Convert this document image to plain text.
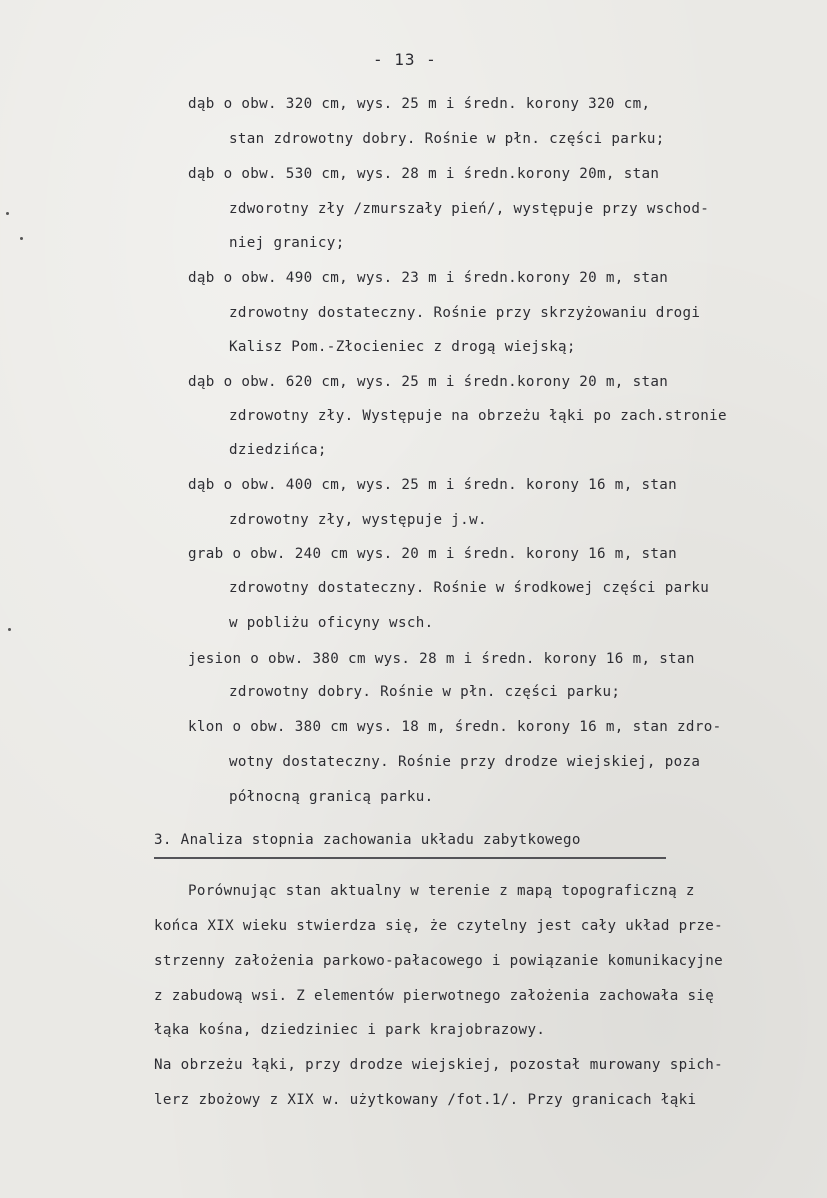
- 13 -
dąb o obw. 320 cm, wys. 25 m i średn. korony 320 cm,
stan zdrowotny dobry. Rośnie w płn. części parku;
dąb o obw. 530 cm, wys. 28 m i średn.korony 20m, stan
zdworotny zły /zmurszały pień/, występuje przy wschod-
niej granicy;
dąb o obw. 490 cm, wys. 23 m i średn.korony 20 m, stan
zdrowotny dostateczny. Rośnie przy skrzyżowaniu drogi
Kalisz Pom.-Złocieniec z drogą wiejską;
dąb o obw. 620 cm, wys. 25 m i średn.korony 20 m, stan
zdrowotny zły. Występuje na obrzeżu łąki po zach.stronie
dziedzińca;
dąb o obw. 400 cm, wys. 25 m i średn. korony 16 m, stan
zdrowotny zły, występuje j.w.
grab o obw. 240 cm wys. 20 m i średn. korony 16 m, stan
zdrowotny dostateczny. Rośnie w środkowej części parku
w pobliżu oficyny wsch.
jesion o obw. 380 cm wys. 28 m i średn. korony 16 m, stan
zdrowotny dobry. Rośnie w płn. części parku;
klon o obw. 380 cm wys. 18 m, średn. korony 16 m, stan zdro-
wotny dostateczny. Rośnie przy drodze wiejskiej, poza
północną granicą parku.
3. Analiza stopnia zachowania układu zabytkowego
Porównując stan aktualny w terenie z mapą topograficzną z
końca XIX wieku stwierdza się, że czytelny jest cały układ prze-
strzenny założenia parkowo-pałacowego i powiązanie komunikacyjne
z zabudową wsi. Z elementów pierwotnego założenia zachowała się
łąka kośna, dziedziniec i park krajobrazowy.
Na obrzeżu łąki, przy drodze wiejskiej, pozostał murowany spich-
lerz zbożowy z XIX w. użytkowany /fot.1/. Przy granicach łąki
